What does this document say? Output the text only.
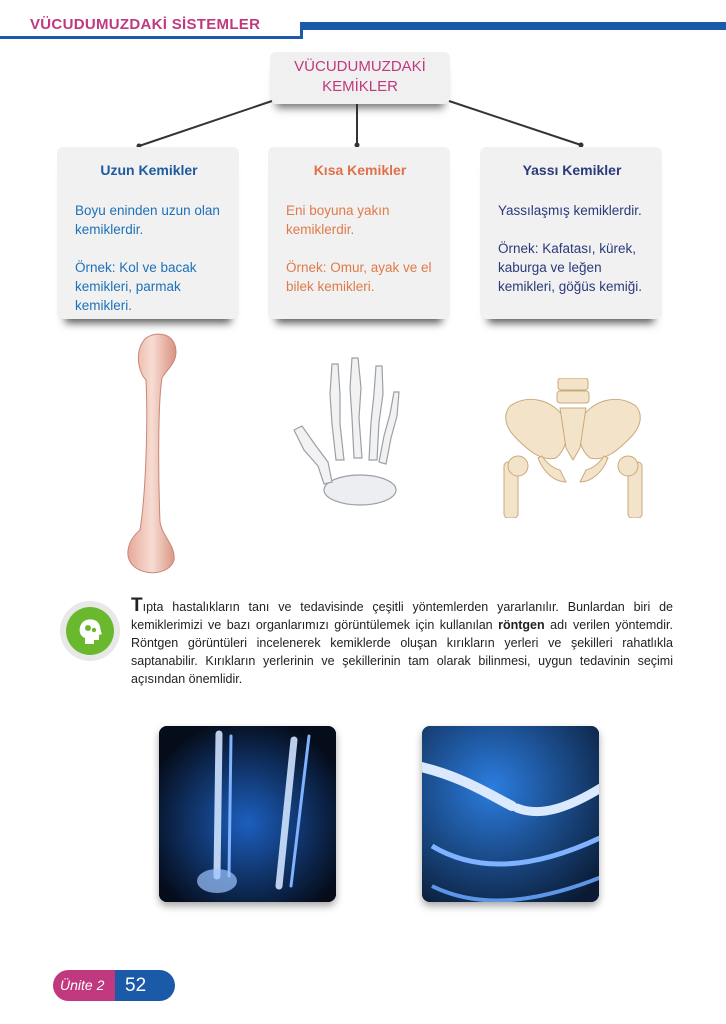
VÜCUDUMUZDAKİ SİSTEMLER
VÜCUDUMUZDAKİ
KEMİKLER
Uzun Kemikler

Boyu eninden uzun olan kemiklerdir.

Örnek: Kol ve bacak kemikleri, parmak kemikleri.

Kısa Kemikler

Eni boyuna yakın kemiklerdir.

Örnek: Omur, ayak ve el bilek kemikleri.

Yassı Kemikler

Yassılaşmış kemiklerdir.

Örnek: Kafatası, kürek, kaburga ve leğen kemikleri, göğüs kemiği.

Tıpta hastalıkların tanı ve tedavisinde çeşitli yöntemlerden yararlanılır. Bunlardan biri de kemiklerimizi ve bazı organlarımızı görüntülemek için kullanılan röntgen adı verilen yöntemdir. Röntgen görüntüleri incelenerek kemiklerde oluşan kırıkların yerleri ve şekilleri rahatlıkla saptanabilir. Kırıkların yerlerinin ve şekillerinin tam olarak bilinmesi, uygun tedavinin seçimi açısından önemlidir.
Ünite 2	52
